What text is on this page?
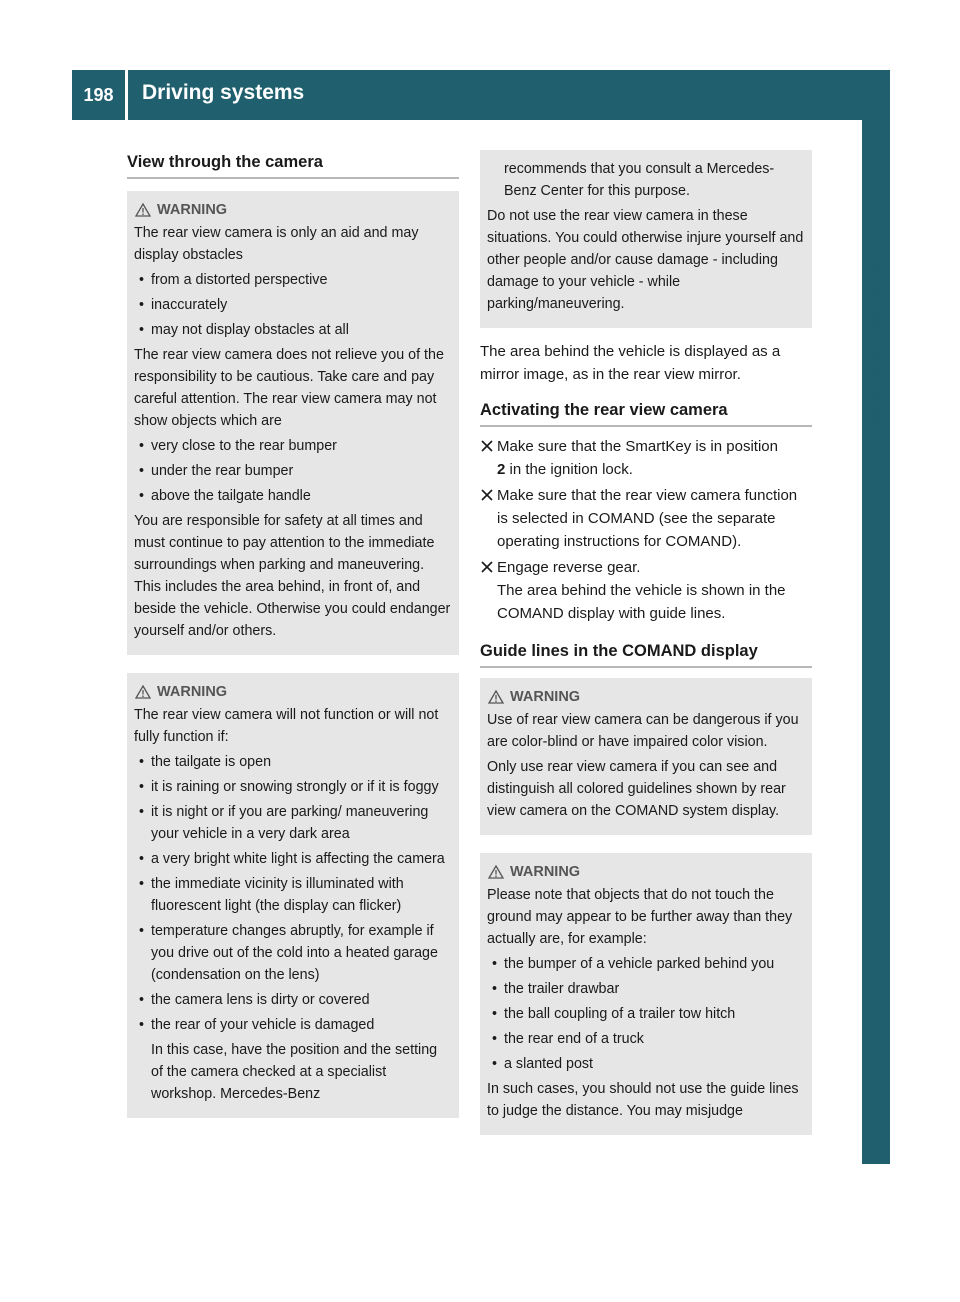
198	Driving systems
Driving and parking
View through the camera
WARNING

The rear view camera is only an aid and may display obstacles

• from a distorted perspective
• inaccurately
• may not display obstacles at all

The rear view camera does not relieve you of the responsibility to be cautious. Take care and pay careful attention. The rear view camera may not show objects which are

• very close to the rear bumper
• under the rear bumper
• above the tailgate handle

You are responsible for safety at all times and must continue to pay attention to the immediate surroundings when parking and maneuvering. This includes the area behind, in front of, and beside the vehicle. Otherwise you could endanger yourself and/or others.

WARNING

The rear view camera will not function or will not fully function if:

• the tailgate is open
• it is raining or snowing strongly or if it is foggy
• it is night or if you are parking/ maneuvering your vehicle in a very dark area
• a very bright white light is affecting the camera
• the immediate vicinity is illuminated with fluorescent light (the display can flicker)
• temperature changes abruptly, for example if you drive out of the cold into a heated garage (condensation on the lens)
• the camera lens is dirty or covered
• the rear of your vehicle is damaged

In this case, have the position and the setting of the camera checked at a specialist workshop. Mercedes-Benz

recommends that you consult a Mercedes-Benz Center for this purpose.

Do not use the rear view camera in these situations. You could otherwise injure yourself and other people and/or cause damage - including damage to your vehicle - while parking/maneuvering.

The area behind the vehicle is displayed as a mirror image, as in the rear view mirror.

Activating the rear view camera
Make sure that the SmartKey is in position
2 in the ignition lock.
Make sure that the rear view camera function is selected in COMAND (see the separate operating instructions for COMAND).
Engage reverse gear.
The area behind the vehicle is shown in the COMAND display with guide lines.
Guide lines in the COMAND display
WARNING

Use of rear view camera can be dangerous if you are color-blind or have impaired color vision.

Only use rear view camera if you can see and distinguish all colored guidelines shown by rear view camera on the COMAND system display.

WARNING

Please note that objects that do not touch the ground may appear to be further away than they actually are, for example:

• the bumper of a vehicle parked behind you
• the trailer drawbar
• the ball coupling of a trailer tow hitch
• the rear end of a truck
• a slanted post

In such cases, you should not use the guide lines to judge the distance. You may misjudge
